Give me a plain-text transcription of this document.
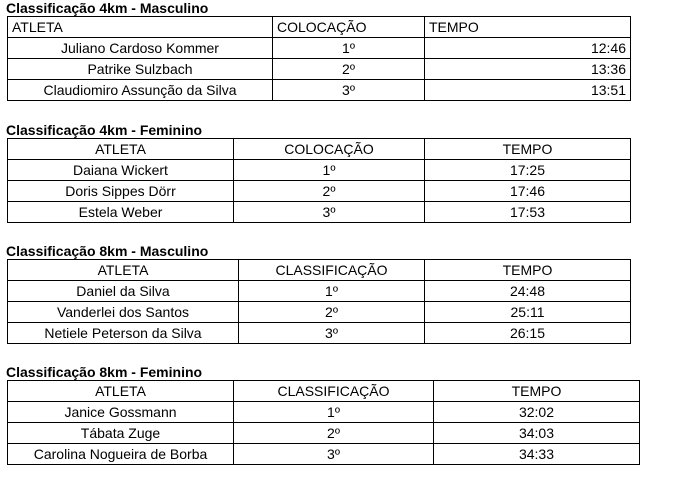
Classificação 4km - Masculino
ATLETA	COLOCAÇÃO	TEMPO
Juliano Cardoso Kommer	1º	12:46
Patrike Sulzbach	2º	13:36
Claudiomiro Assunção da Silva	3º	13:51
Classificação 4km - Feminino
ATLETA	COLOCAÇÃO	TEMPO
Daiana Wickert	1º	17:25
Doris Sippes Dörr	2º	17:46
Estela Weber	3º	17:53
Classificação 8km - Masculino
ATLETA	CLASSIFICAÇÃO	TEMPO
Daniel da Silva	1º	24:48
Vanderlei dos Santos	2º	25:11
Netiele Peterson da Silva	3º	26:15
Classificação 8km - Feminino
ATLETA	CLASSIFICAÇÃO	TEMPO
Janice Gossmann	1º	32:02
Tábata Zuge	2º	34:03
Carolina Nogueira de Borba	3º	34:33
